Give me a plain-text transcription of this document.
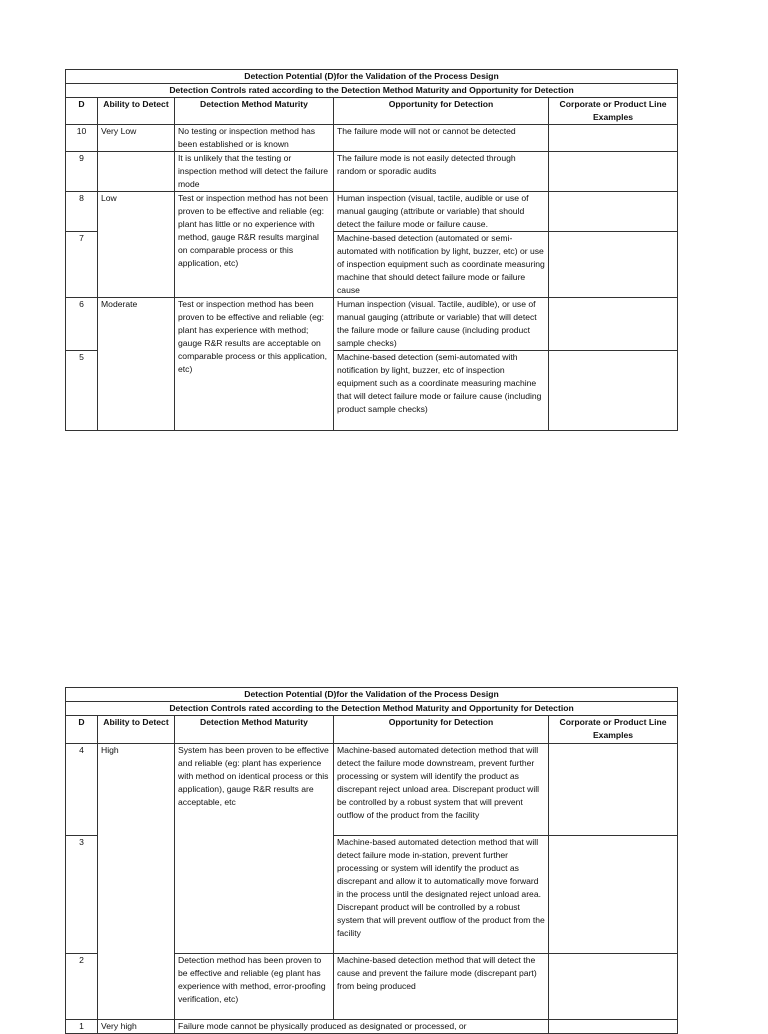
Detection Potential (D)for the Validation of the Process Design				
Detection Controls rated according to the Detection Method Maturity and Opportunity for Detection				
D	Ability to Detect	Detection Method Maturity	Opportunity for Detection	Corporate or Product Line Examples
10	Very Low	No testing or inspection method has been established or is known	The failure mode will not or cannot be detected	
9		It is unlikely that the testing or inspection method will detect the failure mode	The failure mode is not easily detected through random or sporadic audits	
8	Low	Test or inspection method has not been proven to be effective and reliable (eg: plant has little or no experience with method, gauge R&R results marginal on comparable process or this application, etc)	Human inspection (visual, tactile, audible or use of manual gauging (attribute or variable) that should detect the failure mode or failure cause.	
7			Machine-based detection (automated or semi-automated with notification by light, buzzer, etc) or use of inspection equipment such as coordinate measuring machine that should detect failure mode or failure cause	
6	Moderate	Test or inspection method has been proven to be effective and reliable (eg: plant has experience with method; gauge R&R results are acceptable on comparable process or this application, etc)	Human inspection (visual. Tactile, audible), or use of manual gauging (attribute or variable) that will detect the failure mode or failure cause (including product sample checks)	
5			Machine-based detection (semi-automated with notification by light, buzzer, etc of inspection equipment such as a coordinate measuring machine that will detect failure mode or failure cause (including product sample checks)	
Detection Potential (D)for the Validation of the Process Design				
Detection Controls rated according to the Detection Method Maturity and Opportunity for Detection				
D	Ability to Detect	Detection Method Maturity	Opportunity for Detection	Corporate or Product Line Examples
4	High	System has been proven to be effective and reliable (eg: plant has experience with method on identical process or this application), gauge R&R results are acceptable, etc	Machine-based automated detection method that will detect the failure mode downstream, prevent further processing or system will identify the product as discrepant reject unload area. Discrepant product will be controlled by a robust system that will prevent outflow of the product from the facility	
3			Machine-based automated detection method that will detect failure mode in-station, prevent further processing or system will identify the product as discrepant and allow it to automatically move forward in the process until the designated reject unload area. Discrepant product will be controlled by a robust system that will prevent outflow of the product from the facility	
2		Detection method has been proven to be effective and reliable (eg plant has experience with method, error-proofing verification, etc)	Machine-based detection method that will detect the cause and prevent the failure mode (discrepant part) from being produced	
1	Very high	Failure mode cannot be physically produced as designated or processed, or		
